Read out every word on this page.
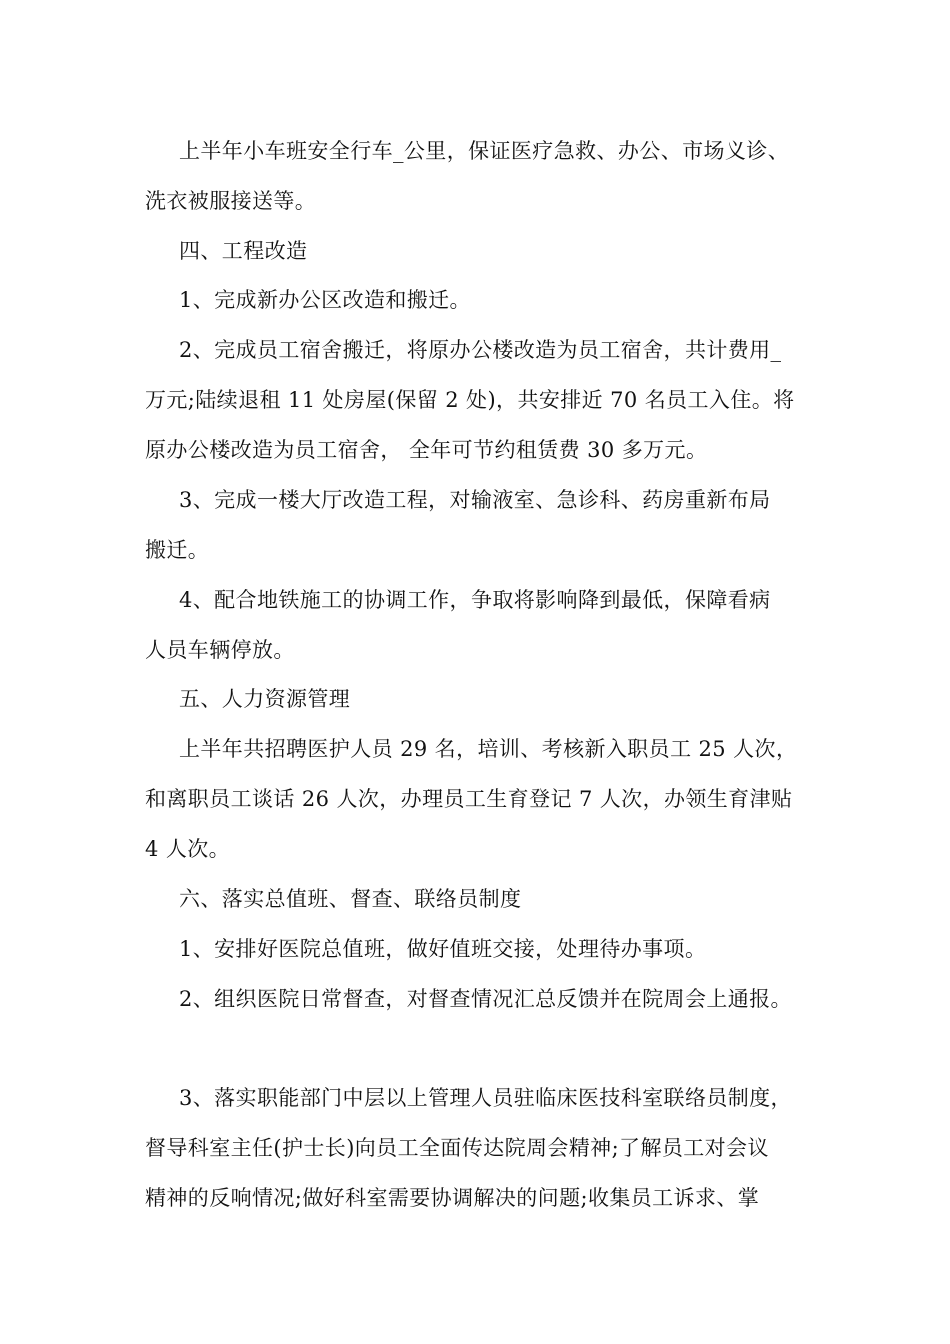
上半年小车班安全行车_公里，保证医疗急救、办公、市场义诊、
洗衣被服接送等。
四、工程改造
1、完成新办公区改造和搬迁。
2、完成员工宿舍搬迁，将原办公楼改造为员工宿舍，共计费用_
万元;陆续退租 11 处房屋(保留 2 处)，共安排近 70 名员工入住。将
原办公楼改造为员工宿舍， 全年可节约租赁费 30 多万元。
3、完成一楼大厅改造工程，对输液室、急诊科、药房重新布局
搬迁。
4、配合地铁施工的协调工作，争取将影响降到最低，保障看病
人员车辆停放。
五、人力资源管理
上半年共招聘医护人员 29 名，培训、考核新入职员工 25 人次，
和离职员工谈话 26 人次，办理员工生育登记 7 人次，办领生育津贴
4 人次。
六、落实总值班、督查、联络员制度
1、安排好医院总值班，做好值班交接，处理待办事项。
2、组织医院日常督查，对督查情况汇总反馈并在院周会上通报。
3、落实职能部门中层以上管理人员驻临床医技科室联络员制度，
督导科室主任(护士长)向员工全面传达院周会精神;了解员工对会议
精神的反响情况;做好科室需要协调解决的问题;收集员工诉求、掌
